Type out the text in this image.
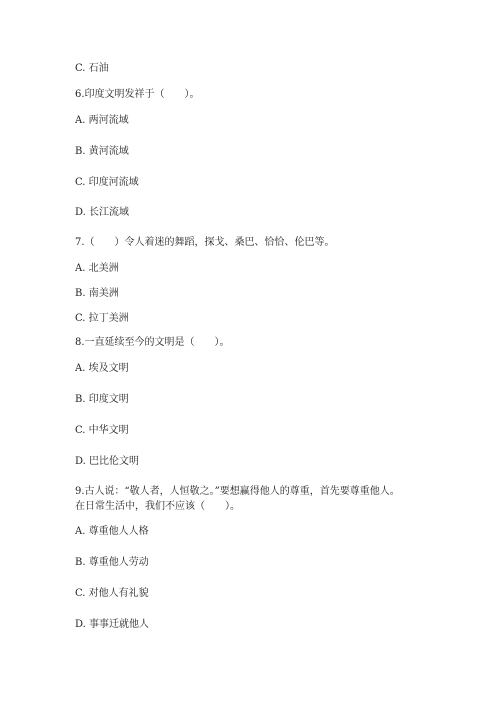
C. 石油
6.印度文明发祥于（　　）。
A. 两河流域
B. 黄河流域
C. 印度河流域
D. 长江流域
7.（　　）令人着迷的舞蹈，探戈、桑巴、恰恰、伦巴等。
A. 北美洲
B. 南美洲
C. 拉丁美洲
8.一直延续至今的文明是（　　）。
A. 埃及文明
B. 印度文明
C. 中华文明
D. 巴比伦文明
9.古人说：“敬人者，人恒敬之。”要想赢得他人的尊重，首先要尊重他人。
在日常生活中，我们不应该（　　）。
A. 尊重他人人格
B. 尊重他人劳动
C. 对他人有礼貌
D. 事事迁就他人
